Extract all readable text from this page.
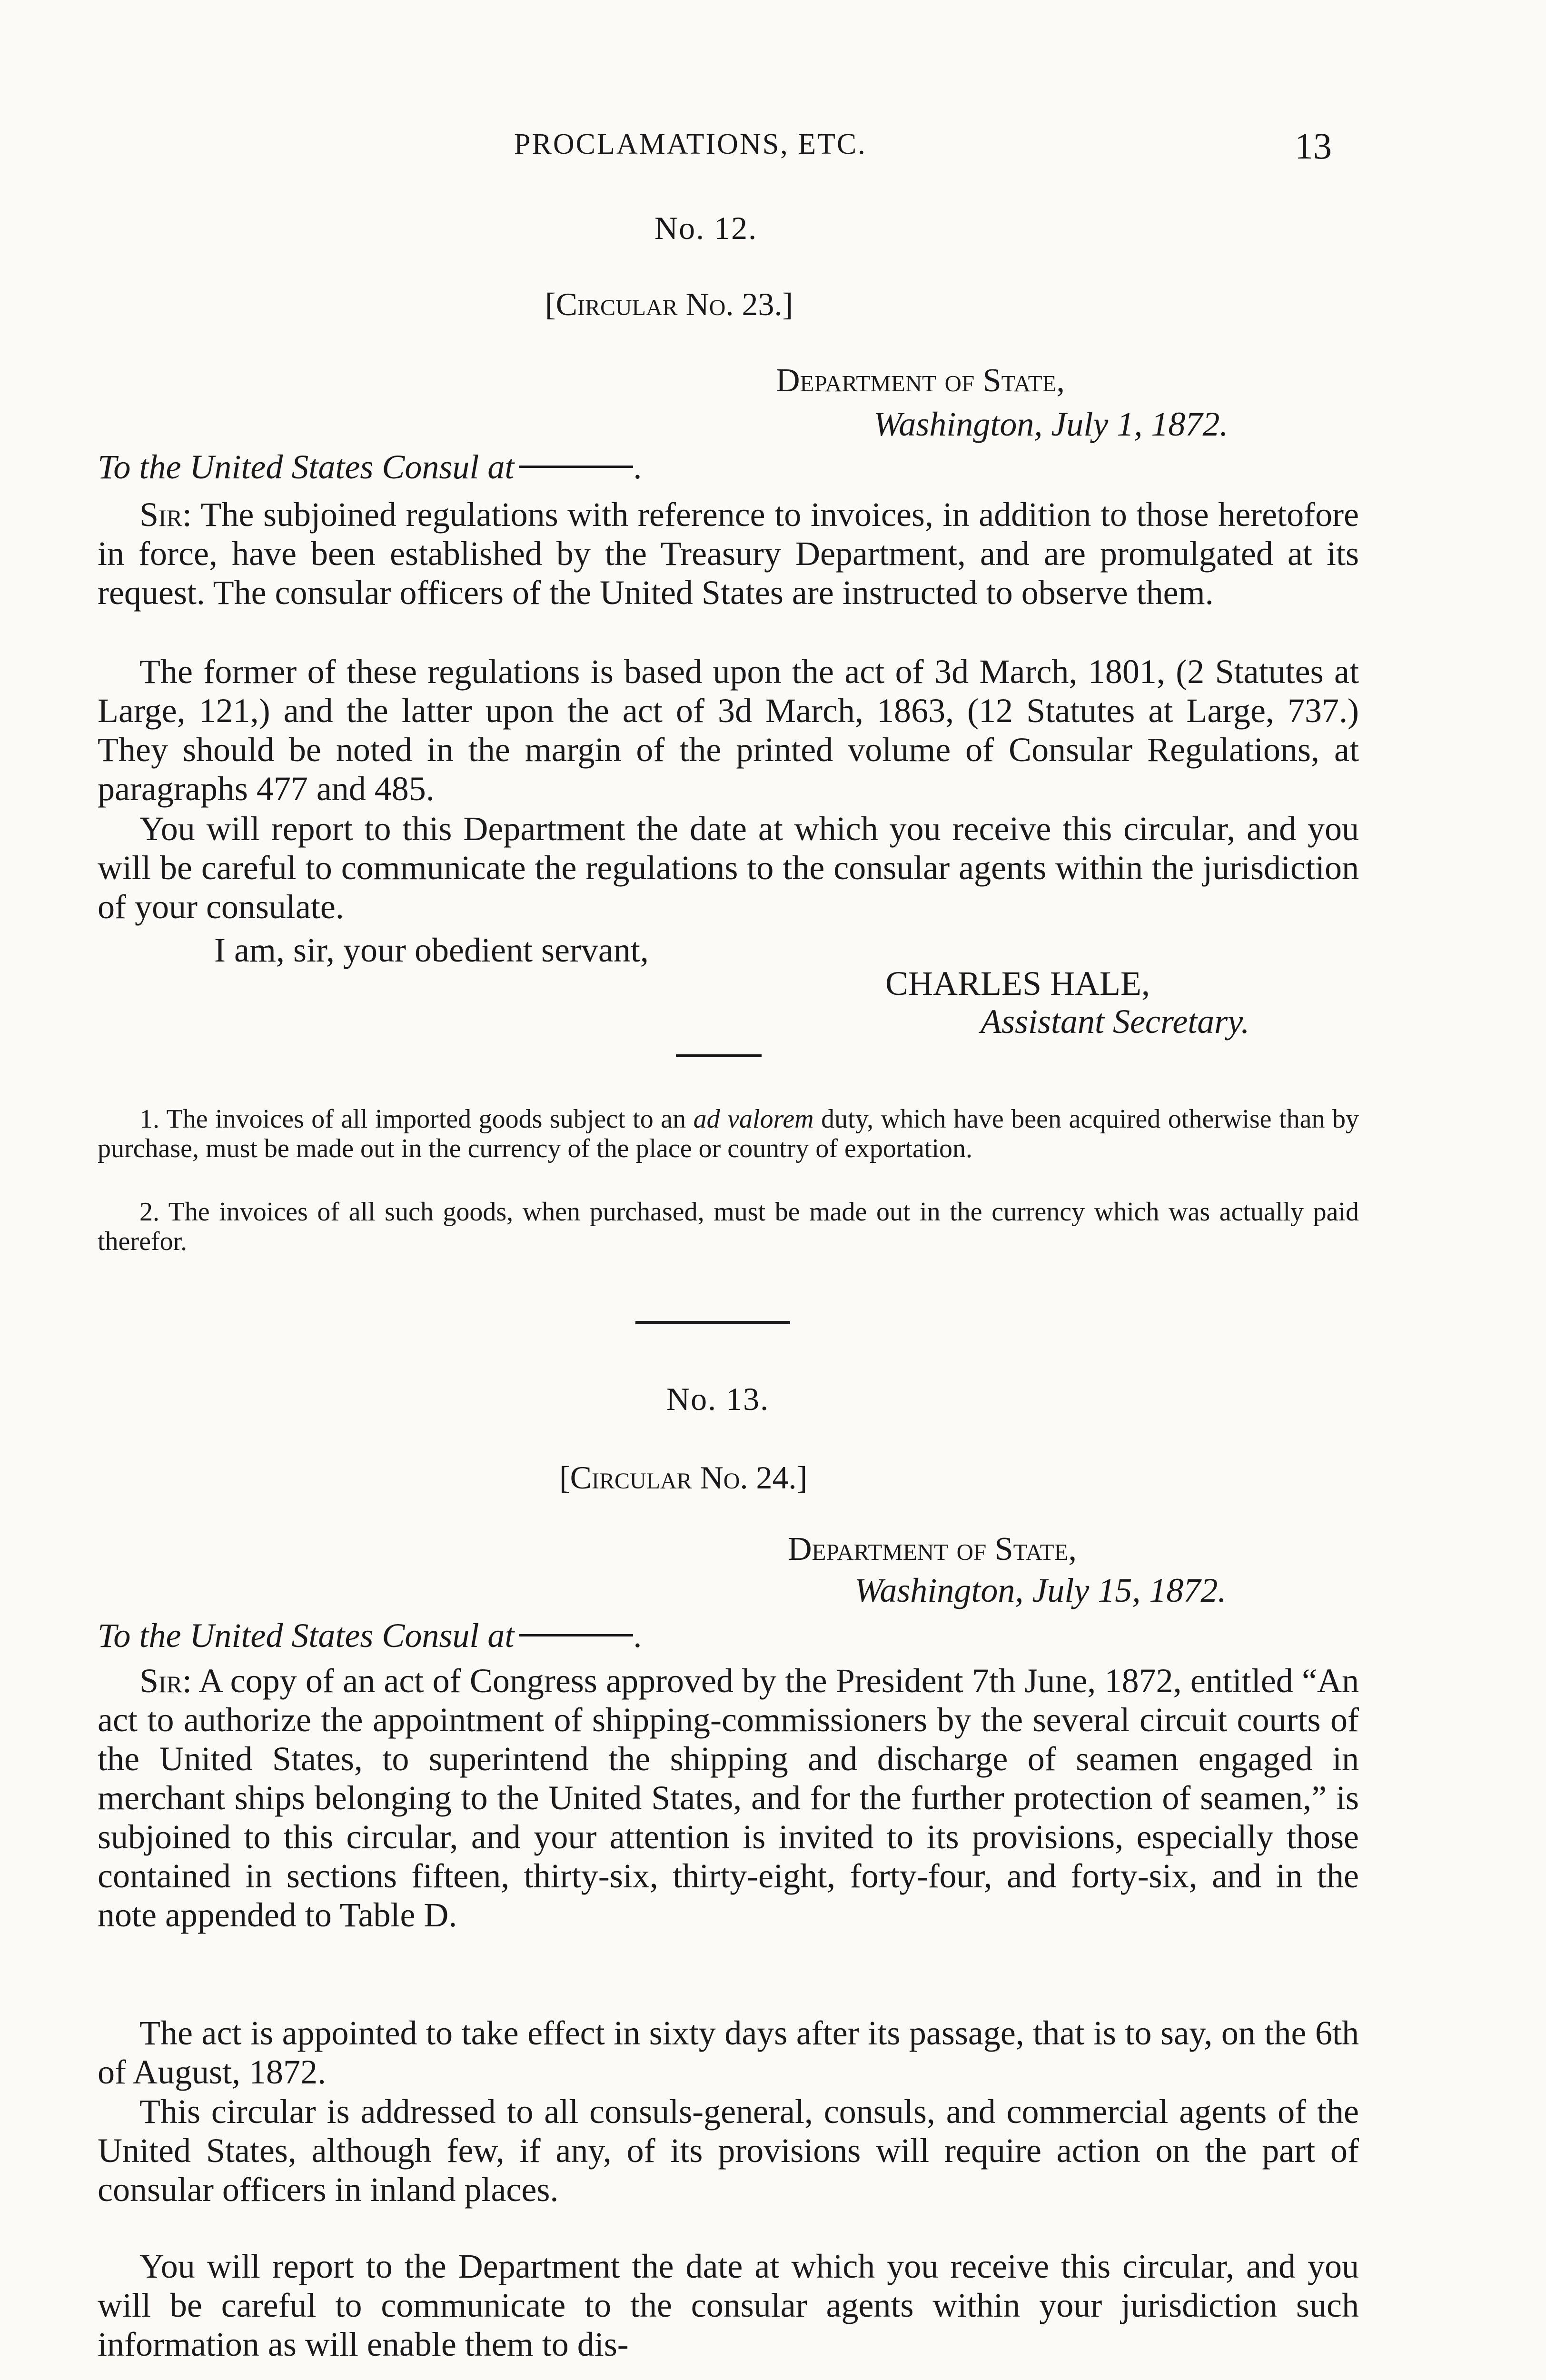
PROCLAMATIONS, ETC.	13
No. 12.
[Circular No. 23.]
Department of State,
Washington, July 1, 1872.
To the United States Consul at	.
Sir: The subjoined regulations with reference to invoices, in addition to those heretofore in force, have been established by the Treasury Department, and are promulgated at its request. The consular officers of the United States are instructed to observe them.
The former of these regulations is based upon the act of 3d March, 1801, (2 Statutes at Large, 121,) and the latter upon the act of 3d March, 1863, (12 Statutes at Large, 737.) They should be noted in the margin of the printed volume of Consular Regulations, at paragraphs 477 and 485.
You will report to this Department the date at which you receive this circular, and you will be careful to communicate the regulations to the consular agents within the jurisdiction of your consulate.
I am, sir, your obedient servant,
CHARLES HALE,
Assistant Secretary.
1. The invoices of all imported goods subject to an ad valorem duty, which have been acquired otherwise than by purchase, must be made out in the currency of the place or country of exportation.
2. The invoices of all such goods, when purchased, must be made out in the currency which was actually paid therefor.
No. 13.
[Circular No. 24.]
Department of State,
Washington, July 15, 1872.
To the United States Consul at	.
Sir: A copy of an act of Congress approved by the President 7th June, 1872, entitled “An act to authorize the appointment of shipping-commissioners by the several circuit courts of the United States, to superintend the shipping and discharge of seamen engaged in merchant ships belonging to the United States, and for the further protection of seamen,” is subjoined to this circular, and your attention is invited to its provisions, especially those contained in sections fifteen, thirty-six, thirty-eight, forty-four, and forty-six, and in the note appended to Table D.
The act is appointed to take effect in sixty days after its passage, that is to say, on the 6th of August, 1872.
This circular is addressed to all consuls-general, consuls, and commercial agents of the United States, although few, if any, of its provisions will require action on the part of consular officers in inland places.
You will report to the Department the date at which you receive this circular, and you will be careful to communicate to the consular agents within your jurisdiction such information as will enable them to dis-
